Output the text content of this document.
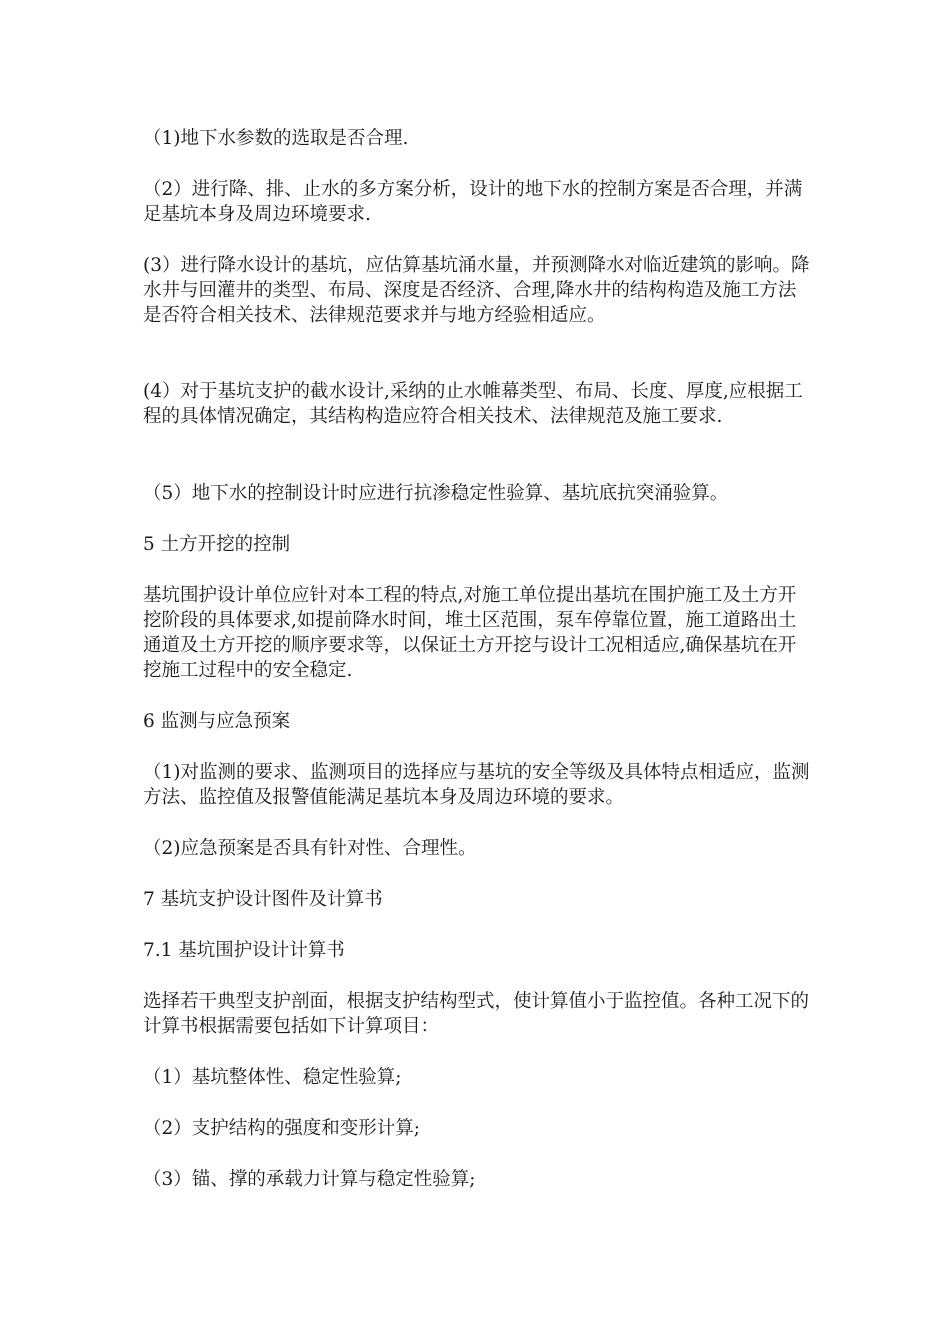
（1)地下水参数的选取是否合理.

（2）进行降、排、止水的多方案分析，设计的地下水的控制方案是否合理，并满足基坑本身及周边环境要求.

(3）进行降水设计的基坑，应估算基坑涌水量，并预测降水对临近建筑的影响。降水井与回灌井的类型、布局、深度是否经济、合理,降水井的结构构造及施工方法是否符合相关技术、法律规范要求并与地方经验相适应。

(4）对于基坑支护的截水设计,采纳的止水帷幕类型、布局、长度、厚度,应根据工程的具体情况确定，其结构构造应符合相关技术、法律规范及施工要求.

（5）地下水的控制设计时应进行抗渗稳定性验算、基坑底抗突涌验算。

5 土方开挖的控制

基坑围护设计单位应针对本工程的特点,对施工单位提出基坑在围护施工及土方开挖阶段的具体要求,如提前降水时间，堆土区范围，泵车停靠位置，施工道路出土通道及土方开挖的顺序要求等，以保证土方开挖与设计工况相适应,确保基坑在开挖施工过程中的安全稳定.

6 监测与应急预案

（1)对监测的要求、监测项目的选择应与基坑的安全等级及具体特点相适应，监测方法、监控值及报警值能满足基坑本身及周边环境的要求。

（2)应急预案是否具有针对性、合理性。

7 基坑支护设计图件及计算书

7.1 基坑围护设计计算书

选择若干典型支护剖面，根据支护结构型式，使计算值小于监控值。各种工况下的计算书根据需要包括如下计算项目：

（1）基坑整体性、稳定性验算;

（2）支护结构的强度和变形计算;

（3）锚、撑的承载力计算与稳定性验算;
